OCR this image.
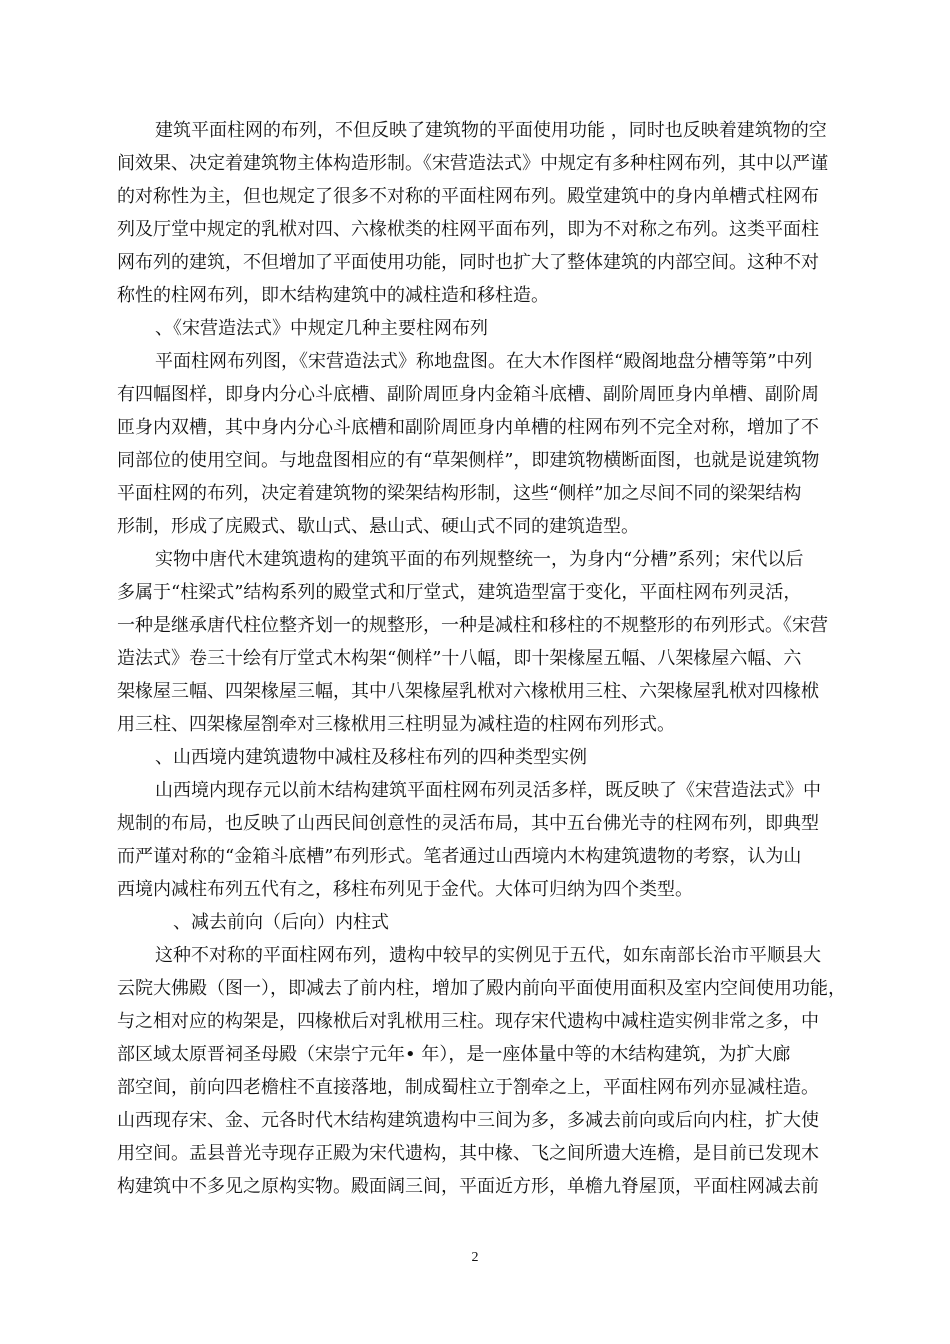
建筑平面柱网的布列，不但反映了建筑物的平面使用功能 ，同时也反映着建筑物的空
间效果、决定着建筑物主体构造形制。《宋营造法式》中规定有多种柱网布列，其中以严谨
的对称性为主，但也规定了很多不对称的平面柱网布列。殿堂建筑中的身内单槽式柱网布
列及厅堂中规定的乳栿对四、六椽栿类的柱网平面布列，即为不对称之布列。这类平面柱
网布列的建筑，不但增加了平面使用功能，同时也扩大了整体建筑的内部空间。这种不对
称性的柱网布列，即木结构建筑中的减柱造和移柱造。
、《宋营造法式》中规定几种主要柱网布列
平面柱网布列图，《宋营造法式》称地盘图。在大木作图样“殿阁地盘分槽等第”中列
有四幅图样，即身内分心斗底槽、副阶周匝身内金箱斗底槽、副阶周匝身内单槽、副阶周
匝身内双槽，其中身内分心斗底槽和副阶周匝身内单槽的柱网布列不完全对称，增加了不
同部位的使用空间。与地盘图相应的有“草架侧样”，即建筑物横断面图，也就是说建筑物
平面柱网的布列，决定着建筑物的梁架结构形制，这些“侧样”加之尽间不同的梁架结构
形制，形成了庑殿式、歇山式、悬山式、硬山式不同的建筑造型。
实物中唐代木建筑遗构的建筑平面的布列规整统一，为身内“分槽”系列；宋代以后
多属于“柱梁式”结构系列的殿堂式和厅堂式，建筑造型富于变化，平面柱网布列灵活，
一种是继承唐代柱位整齐划一的规整形，一种是减柱和移柱的不规整形的布列形式。《宋营
造法式》卷三十绘有厅堂式木构架“侧样”十八幅，即十架椽屋五幅、八架椽屋六幅、六
架椽屋三幅、四架椽屋三幅，其中八架椽屋乳栿对六椽栿用三柱、六架椽屋乳栿对四椽栿
用三柱、四架椽屋劄牵对三椽栿用三柱明显为减柱造的柱网布列形式。
、山西境内建筑遗物中减柱及移柱布列的四种类型实例
山西境内现存元以前木结构建筑平面柱网布列灵活多样，既反映了《宋营造法式》中
规制的布局，也反映了山西民间创意性的灵活布局，其中五台佛光寺的柱网布列，即典型
而严谨对称的“金箱斗底槽”布列形式。笔者通过山西境内木构建筑遗物的考察，认为山
西境内减柱布列五代有之，移柱布列见于金代。大体可归纳为四个类型。
、减去前向（后向）内柱式
这种不对称的平面柱网布列，遗构中较早的实例见于五代，如东南部长治市平顺县大
云院大佛殿（图一），即减去了前内柱，增加了殿内前向平面使用面积及室内空间使用功能，
与之相对应的构架是，四椽栿后对乳栿用三柱。现存宋代遗构中减柱造实例非常之多，中
部区域太原晋祠圣母殿（宋崇宁元年• 年），是一座体量中等的木结构建筑，为扩大廊
部空间，前向四老檐柱不直接落地，制成蜀柱立于劄牵之上，平面柱网布列亦显减柱造。
山西现存宋、金、元各时代木结构建筑遗构中三间为多，多减去前向或后向内柱，扩大使
用空间。盂县普光寺现存正殿为宋代遗构，其中椽、飞之间所遗大连檐，是目前已发现木
构建筑中不多见之原构实物。殿面阔三间，平面近方形，单檐九脊屋顶，平面柱网减去前
2
